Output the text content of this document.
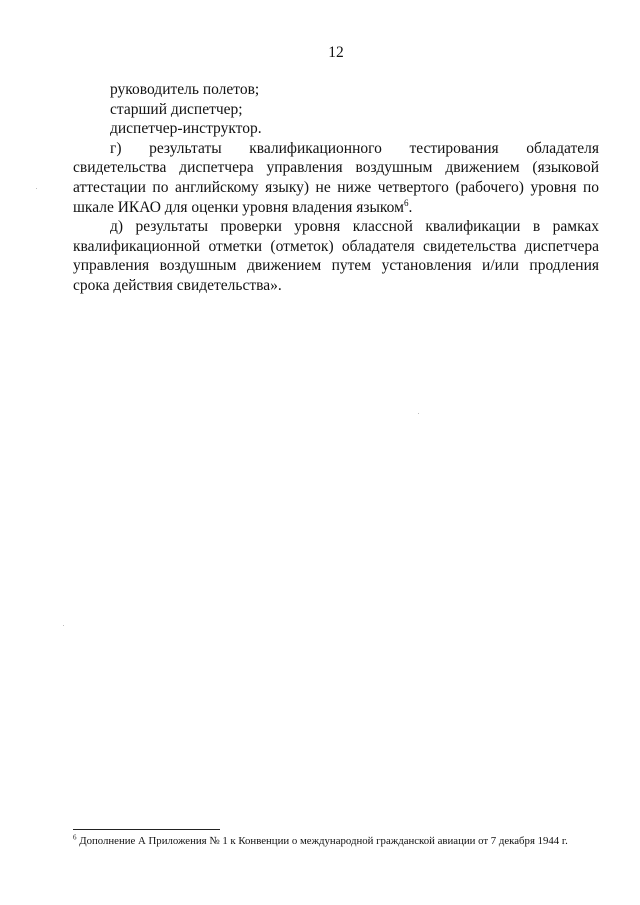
12

руководитель полетов;

старший диспетчер;

диспетчер-инструктор.

г) результаты квалификационного тестирования обладателя свидетельства диспетчера управления воздушным движением (языковой аттестации по английскому языку) не ниже четвертого (рабочего) уровня по шкале ИКАО для оценки уровня владения языком$^6$.

д) результаты проверки уровня классной квалификации в рамках квалификационной отметки (отметок) обладателя свидетельства диспетчера управления воздушным движением путем установления и/или продления срока действия свидетельства».

$^6$ Дополнение А Приложения № 1 к Конвенции о международной гражданской авиации от 7 декабря 1944 г.
